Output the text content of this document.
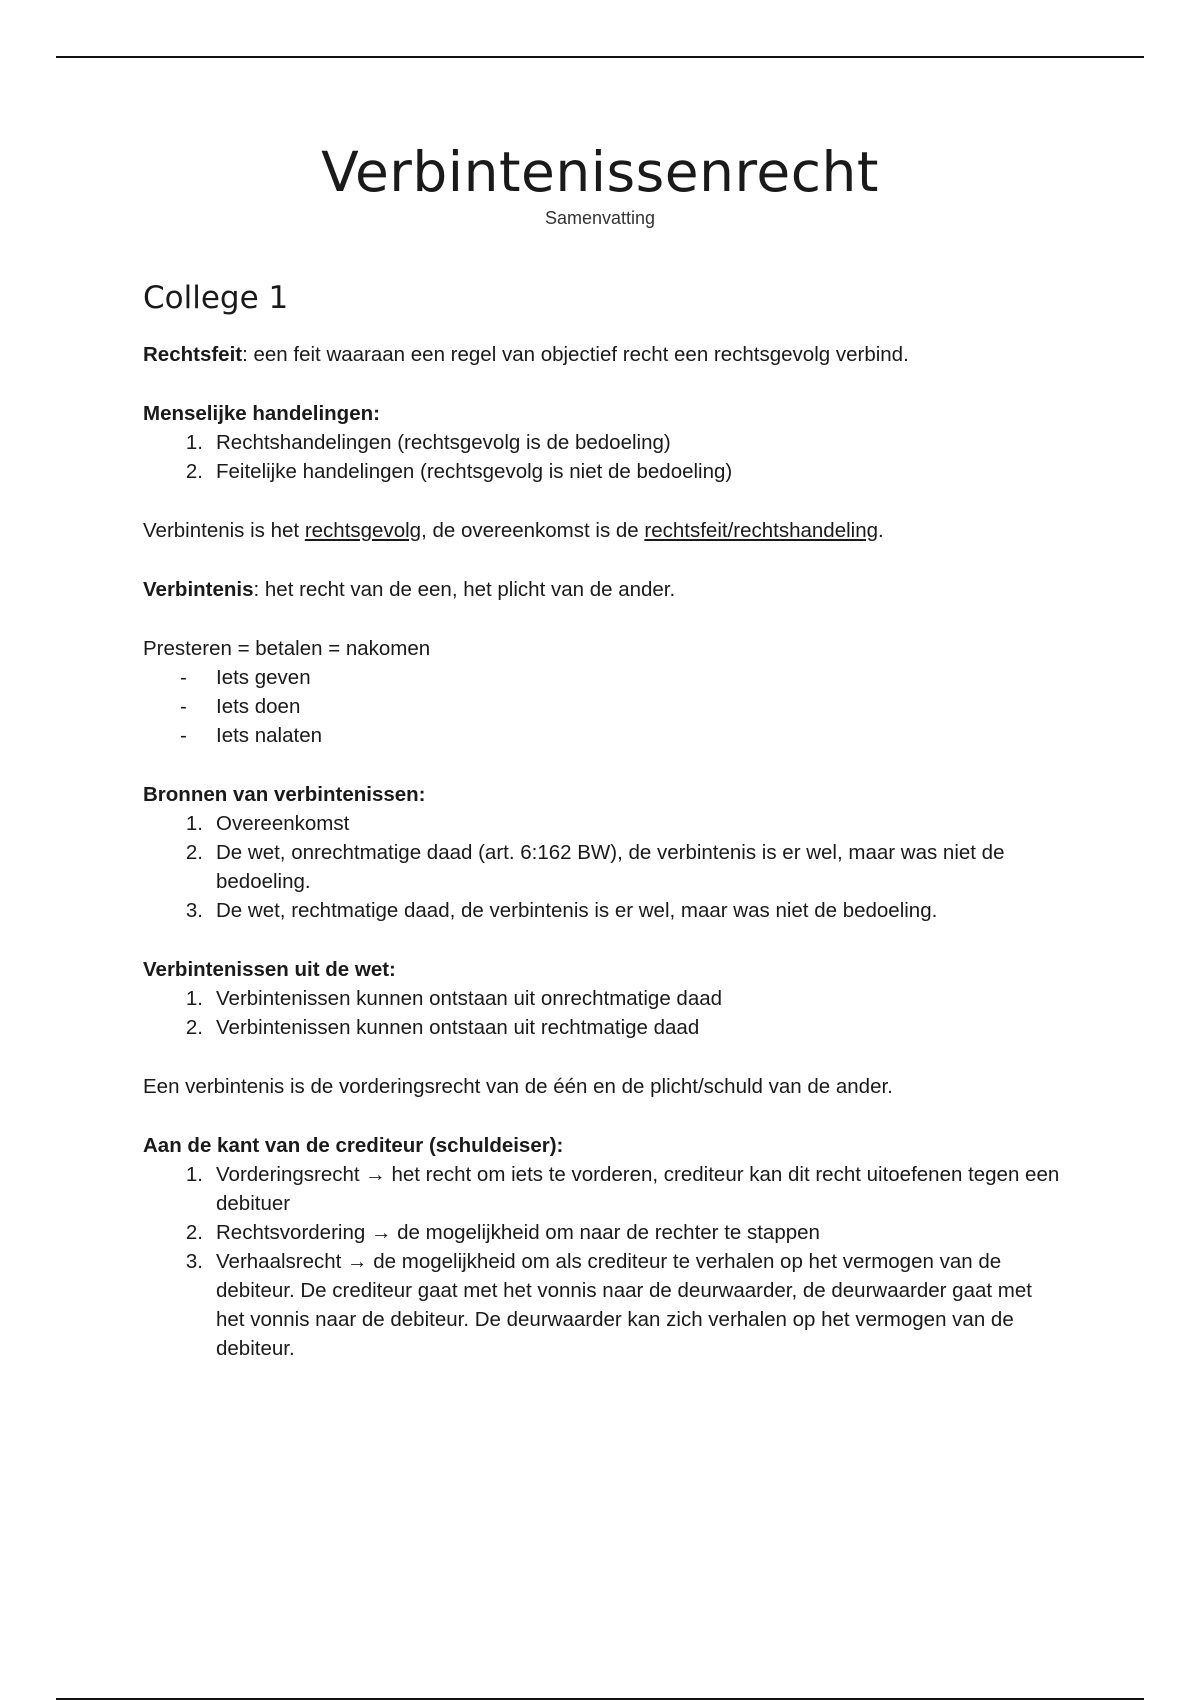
Verbintenissenrecht
Samenvatting
College 1

Rechtsfeit: een feit waaraan een regel van objectief recht een rechtsgevolg verbind.

Menselijke handelingen:

1. Rechtshandelingen (rechtsgevolg is de bedoeling)
2. Feitelijke handelingen (rechtsgevolg is niet de bedoeling)

Verbintenis is het rechtsgevolg, de overeenkomst is de rechtsfeit/rechtshandeling.

Verbintenis: het recht van de een, het plicht van de ander.

Presteren = betalen = nakomen

- Iets geven
- Iets doen
- Iets nalaten

Bronnen van verbintenissen:

1. Overeenkomst
2. De wet, onrechtmatige daad (art. 6:162 BW), de verbintenis is er wel, maar was niet de bedoeling.
3. De wet, rechtmatige daad, de verbintenis is er wel, maar was niet de bedoeling.

Verbintenissen uit de wet:

1. Verbintenissen kunnen ontstaan uit onrechtmatige daad
2. Verbintenissen kunnen ontstaan uit rechtmatige daad

Een verbintenis is de vorderingsrecht van de één en de plicht/schuld van de ander.

Aan de kant van de crediteur (schuldeiser):

1. Vorderingsrecht → het recht om iets te vorderen, crediteur kan dit recht uitoefenen tegen een debituer
2. Rechtsvordering → de mogelijkheid om naar de rechter te stappen
3. Verhaalsrecht → de mogelijkheid om als crediteur te verhalen op het vermogen van de debiteur. De crediteur gaat met het vonnis naar de deurwaarder, de deurwaarder gaat met het vonnis naar de debiteur. De deurwaarder kan zich verhalen op het vermogen van de debiteur.
